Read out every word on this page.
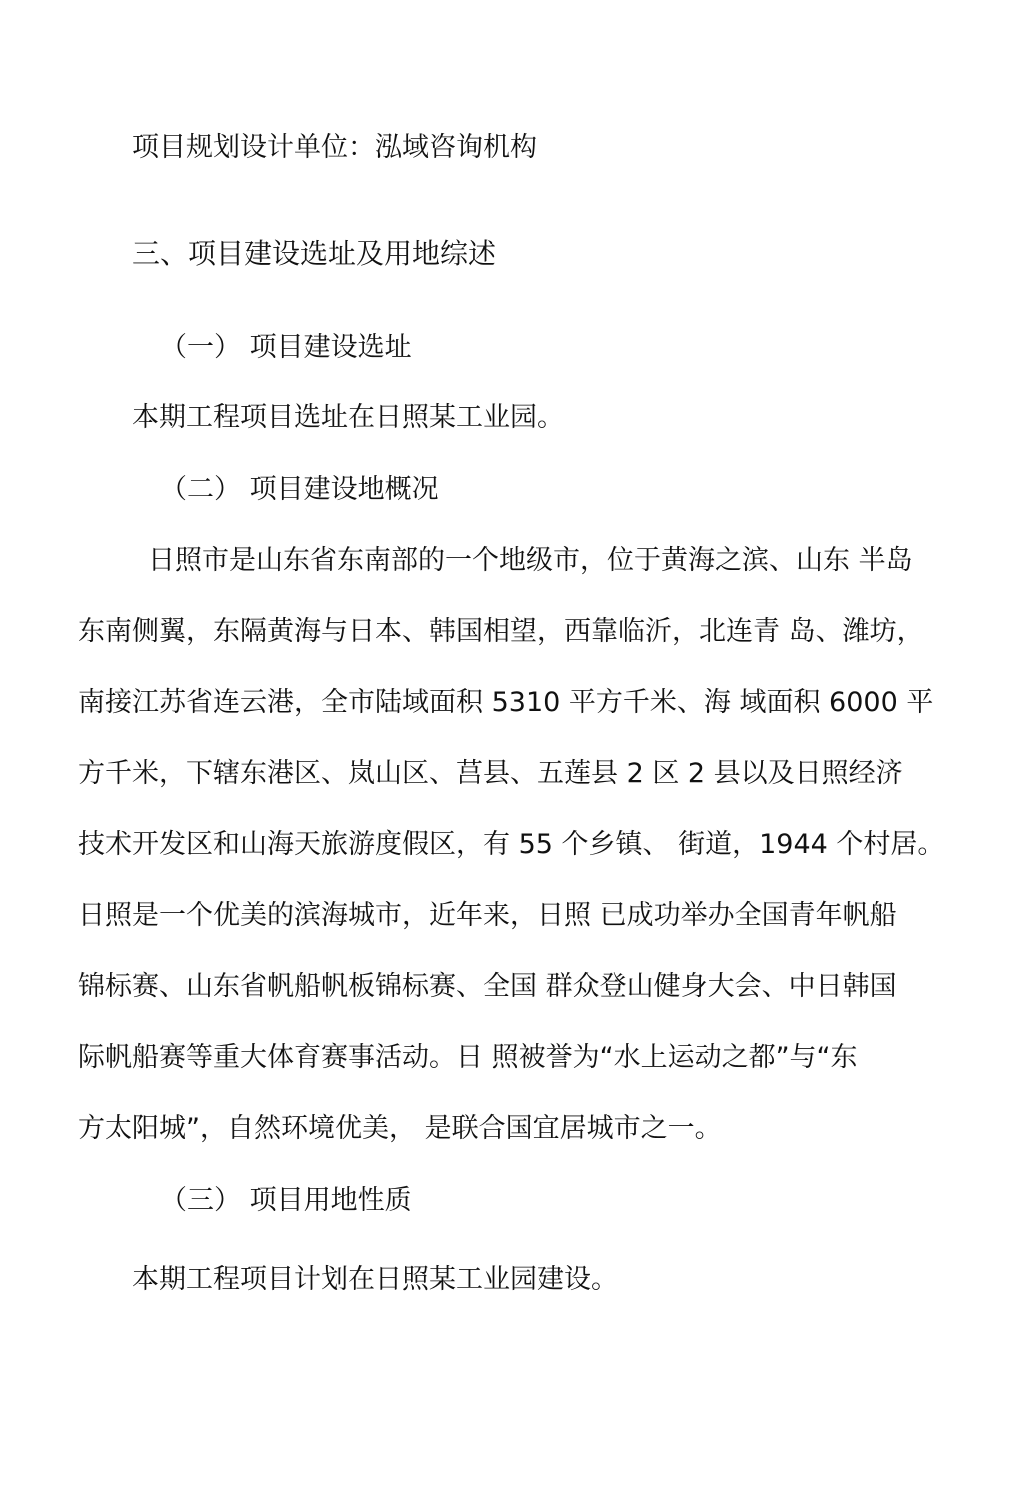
项目规划设计单位：泓域咨询机构
三、项目建设选址及用地综述
（一） 项目建设选址
本期工程项目选址在日照某工业园。
（二） 项目建设地概况
日照市是山东省东南部的一个地级市，位于黄海之滨、山东 半岛
东南侧翼，东隔黄海与日本、韩国相望，西靠临沂，北连青 岛、潍坊，
南接江苏省连云港，全市陆域面积 5310 平方千米、海 域面积 6000 平
方千米，下辖东港区、岚山区、莒县、五莲县 2 区 2 县以及日照经济
技术开发区和山海天旅游度假区，有 55 个乡镇、 街道，1944 个村居。
日照是一个优美的滨海城市，近年来，日照 已成功举办全国青年帆船
锦标赛、山东省帆船帆板锦标赛、全国 群众登山健身大会、中日韩国
际帆船赛等重大体育赛事活动。日 照被誉为“水上运动之都”与“东
方太阳城”，自然环境优美， 是联合国宜居城市之一。
（三） 项目用地性质
本期工程项目计划在日照某工业园建设。
